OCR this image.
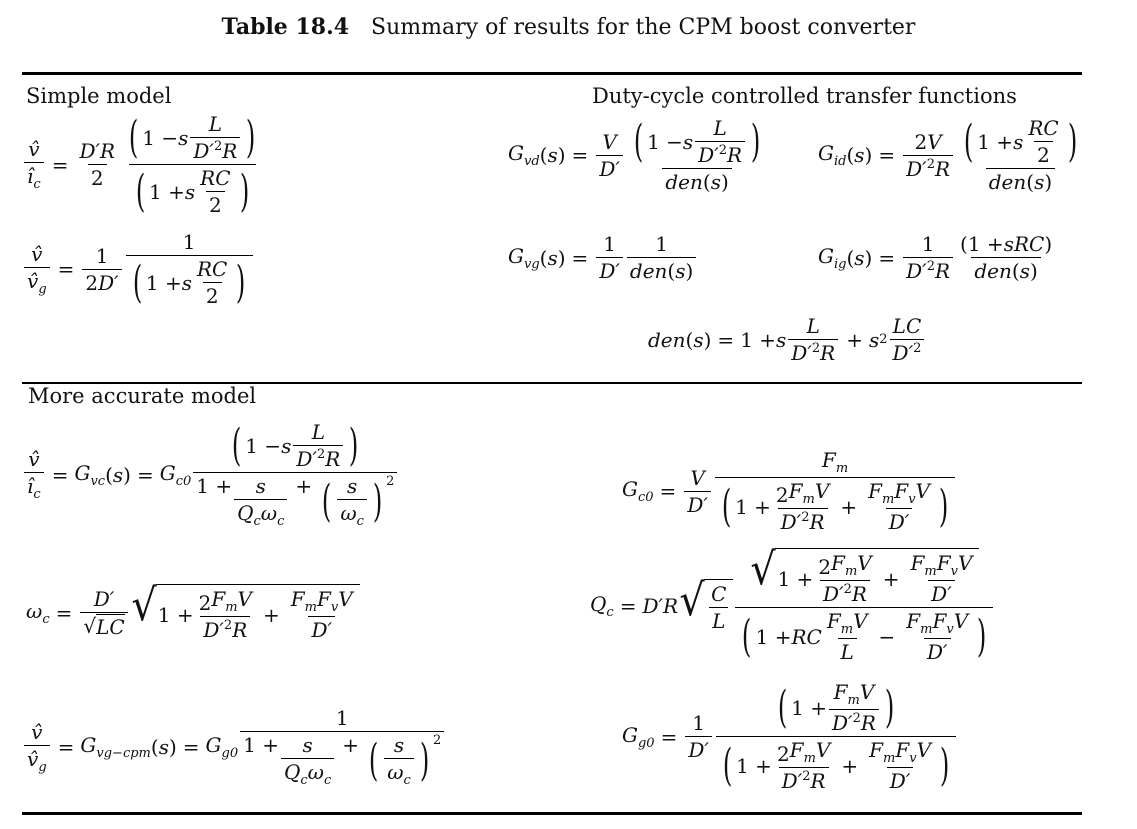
Table 18.4 Summary of results for the CPM boost converter
Simple model	Duty-cycle controlled transfer functions
More accurate model
$\frac{v̂}{î_c} = \frac{D'R}{2} \frac{( 1 - s \frac{L}{D'^2 R} )}{( 1 + s \frac{RC}{2} )}$
$\frac{v̂}{v̂_g} = \frac{1}{2 D'} \frac{1}{( 1 + s \frac{RC}{2} )}$
$G_{vd}$ ( s ) = $\frac{V}{D'} \frac{( 1 - s \frac{L}{D'^2 R} )}{\text{den ( s )}}$	$G_{id}$ ( s ) = $\frac{2 V}{D'^2 R} \frac{( 1 + s \frac{RC}{2} )}{\text{den ( s )}}$
$G_{vg}$ ( s ) = $\frac{1}{D'} \frac{1}{\text{den ( s )}}$	$G_{ig}$ ( s ) = $\frac{1}{D'^2 R} \frac{\text{(1 + sRC )}}{\text{den ( s )}}$
den ( s ) = 1 + s $\frac{L}{D'^2 R} + s$ $2 \frac{LC}{D'^2}$
$\frac{v̂}{î_c} = G_{vc}$ ( s ) = $G_{c0} \frac{( 1 - s \frac{L}{D'^2 R} )}{1 + \frac{s}{Q_c\omega_c} + ( \frac{s}{\omega_c} ) ^2}$	$G_{c0} = \frac{V}{D'} \frac{F_m}{( 1 + \frac{2 F_mV}{D'^2 R} + \frac{F_mF_vV}{D'} )}$
$\omega_c = \frac{D'}{√ LC}$ √ $1 + \frac{2 F_mV}{D'^2 R} + \frac{F_mF_vV}{D'}$	$Q_c = D'R$ √ $\frac{C}{L} \frac{√ 1 + \frac{2 F_mV}{D'^2 R} + \frac{F_mF_vV}{D'}}{( 1 + RC \frac{F_mV}{L} - \frac{F_mF_vV}{D'} )}$
$\frac{v̂}{v̂_g} = G_{vg-cpm}$ ( s ) = $G_{g0} \frac{1}{1 + \frac{s}{Q_c\omega_c} + ( \frac{s}{\omega_c} ) ^2}$	$G_{g0} = \frac{1}{D'} \frac{( 1 + \frac{F_mV}{D'^2 R} )}{( 1 + \frac{2 F_mV}{D'^2 R} + \frac{F_mF_vV}{D'} )}$
